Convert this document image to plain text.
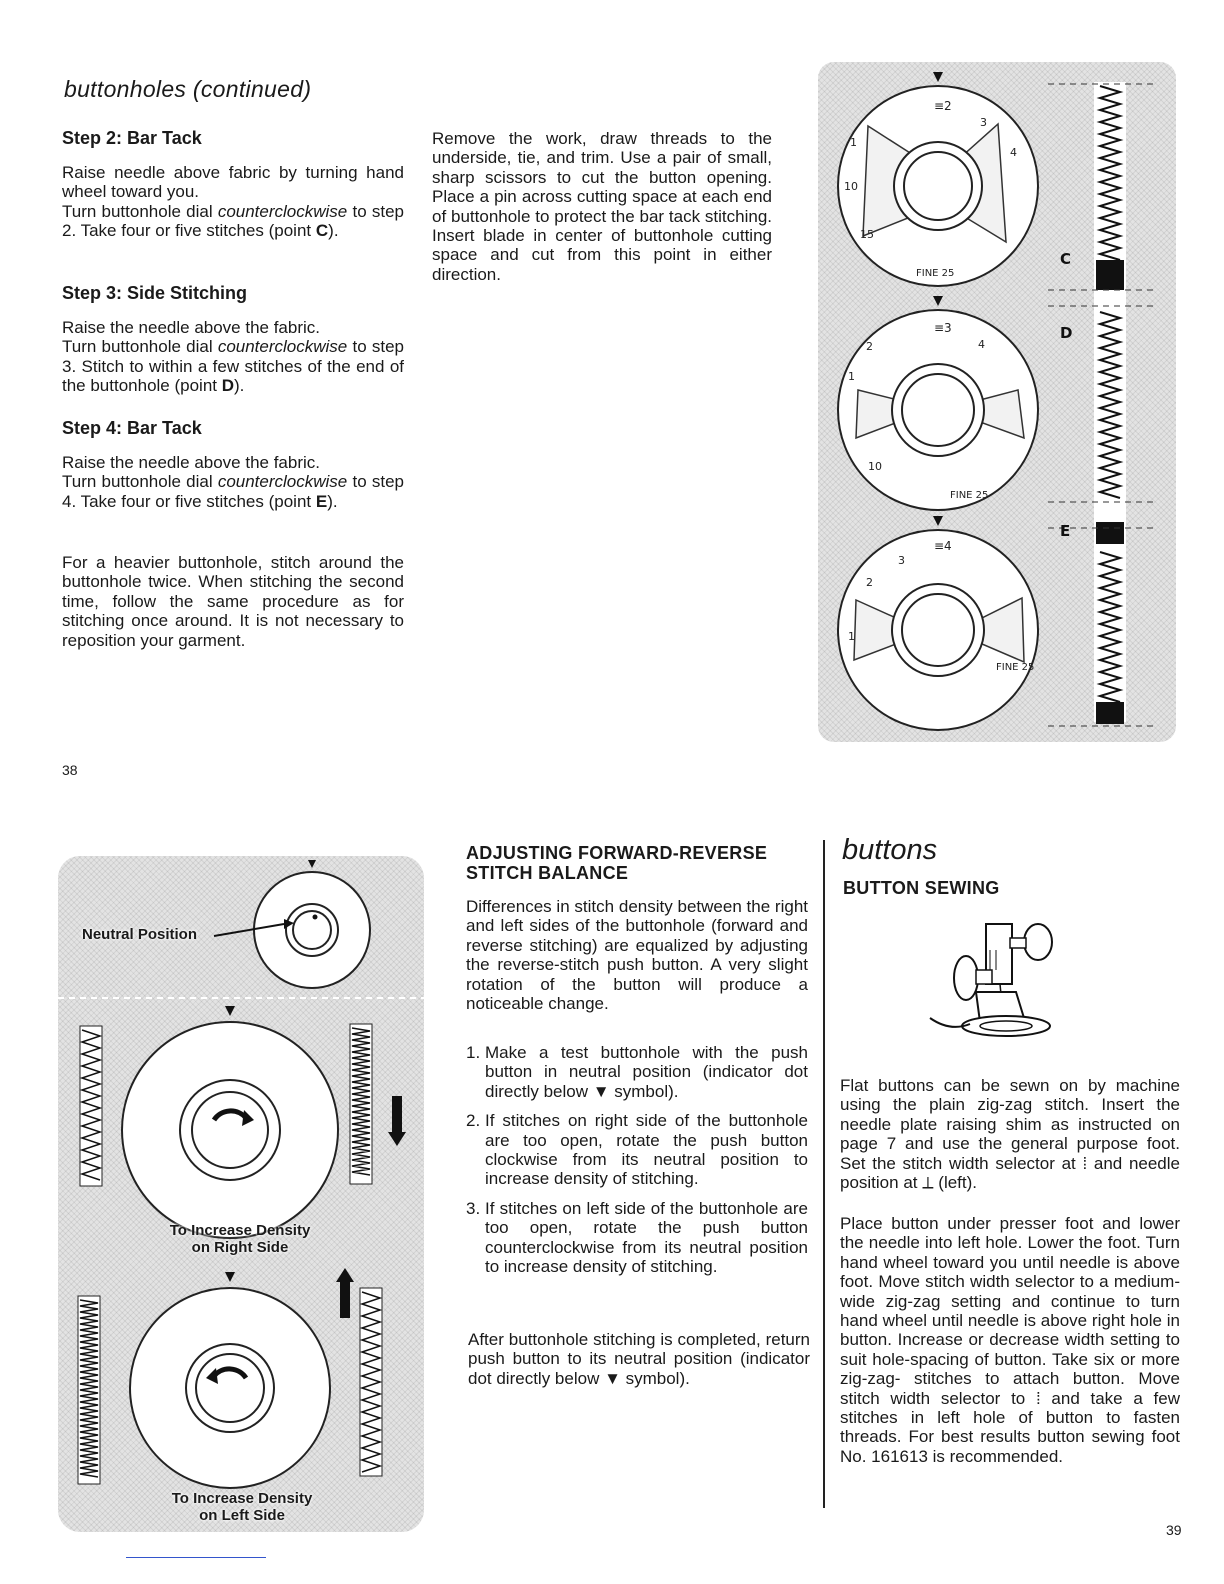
buttonholes (continued)
Step 2: Bar Tack

Raise needle above fabric by turning hand wheel toward you.
Turn buttonhole dial counterclockwise to step 2. Take four or five stitches (point C).

Step 3: Side Stitching

Raise the needle above the fabric.
Turn buttonhole dial counterclockwise to step 3. Stitch to within a few stitches of the end of the buttonhole (point D).

Step 4: Bar Tack

Raise the needle above the fabric.
Turn buttonhole dial counterclockwise to step 4. Take four or five stitches (point E).

For a heavier buttonhole, stitch around the buttonhole twice. When stitching the second time, follow the same procedure as for stitching once around. It is not necessary to reposition your garment.

Remove the work, draw threads to the underside, tie, and trim. Use a pair of small, sharp scissors to cut the button opening. Place a pin across cutting space at each end of buttonhole to protect the bar tack stitching. Insert blade in center of buttonhole cutting space and cut from this point in either direction.

38
≡2
3
4
1
10
15
FINE 25
≡3
4
2
1
10
FINE 25
≡4
3
2
1
FINE 25
C
D
E
Neutral Position
To Increase Density
on Right Side
To Increase Density
on Left Side
ADJUSTING FORWARD-REVERSE
STITCH BALANCE

Differences in stitch density between the right and left sides of the buttonhole (forward and reverse stitching) are equalized by adjusting the reverse-stitch push button. A very slight rotation of the button will produce a noticeable change.

1. Make a test buttonhole with the push button in neutral position (indicator dot directly below ▼ symbol).
2. If stitches on right side of the buttonhole are too open, rotate the push button clockwise from its neutral position to increase density of stitching.
3. If stitches on left side of the buttonhole are too open, rotate the push button counterclockwise from its neutral position to increase density of stitching.

After buttonhole stitching is completed, return push button to its neutral position (indicator dot directly below ▼ symbol).

buttons
BUTTON SEWING

Flat buttons can be sewn on by machine using the plain zig-zag stitch. Insert the needle plate raising shim as instructed on page 7 and use the general purpose foot. Set the stitch width selector at ⁞ and needle position at ⟂ (left).

Place button under presser foot and lower the needle into left hole. Lower the foot. Turn hand wheel toward you until needle is above foot. Move stitch width selector to a medium-wide zig-zag setting and continue to turn hand wheel until needle is above right hole in button. Increase or decrease width setting to suit hole-spacing of button. Take six or more zig-zag- stitches to attach button. Move stitch width selector to ⁞ and take a few stitches in left hole of button to fasten threads. For best results button sewing foot No. 161613 is recommended.

39
